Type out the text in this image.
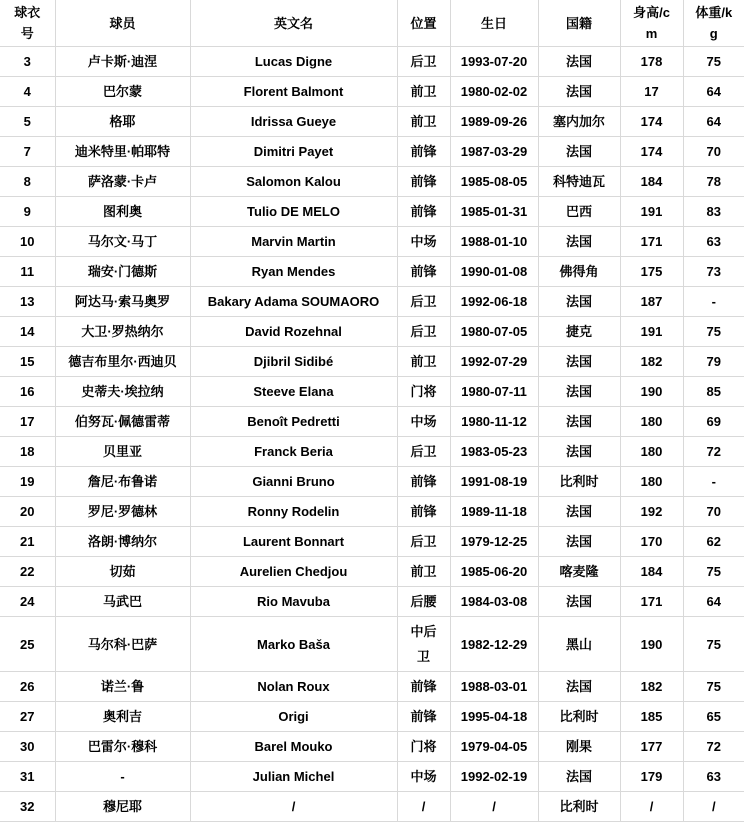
球衣号	球员	英文名	位置	生日	国籍	身高/cm	体重/kg
3	卢卡斯·迪涅	Lucas Digne	后卫	1993-07-20	法国	178	75
4	巴尔蒙	Florent Balmont	前卫	1980-02-02	法国	17	64
5	格耶	Idrissa Gueye	前卫	1989-09-26	塞内加尔	174	64
7	迪米特里·帕耶特	Dimitri Payet	前锋	1987-03-29	法国	174	70
8	萨洛蒙·卡卢	Salomon Kalou	前锋	1985-08-05	科特迪瓦	184	78
9	图利奥	Tulio DE MELO	前锋	1985-01-31	巴西	191	83
10	马尔文·马丁	Marvin Martin	中场	1988-01-10	法国	171	63
11	瑞安·门德斯	Ryan Mendes	前锋	1990-01-08	佛得角	175	73
13	阿达马·索马奥罗	Bakary Adama SOUMAORO	后卫	1992-06-18	法国	187	-
14	大卫·罗热纳尔	David Rozehnal	后卫	1980-07-05	捷克	191	75
15	德吉布里尔·西迪贝	Djibril Sidibé	前卫	1992-07-29	法国	182	79
16	史蒂夫·埃拉纳	Steeve Elana	门将	1980-07-11	法国	190	85
17	伯努瓦·佩德雷蒂	Benoît Pedretti	中场	1980-11-12	法国	180	69
18	贝里亚	Franck Beria	后卫	1983-05-23	法国	180	72
19	詹尼·布鲁诺	Gianni Bruno	前锋	1991-08-19	比利时	180	-
20	罗尼·罗德林	Ronny Rodelin	前锋	1989-11-18	法国	192	70
21	洛朗·博纳尔	Laurent Bonnart	后卫	1979-12-25	法国	170	62
22	切茹	Aurelien Chedjou	前卫	1985-06-20	喀麦隆	184	75
24	马武巴	Rio Mavuba	后腰	1984-03-08	法国	171	64
25	马尔科·巴萨	Marko Baša	中后卫	1982-12-29	黑山	190	75
26	诺兰·鲁	Nolan Roux	前锋	1988-03-01	法国	182	75
27	奥利吉	Origi	前锋	1995-04-18	比利时	185	65
30	巴雷尔·穆科	Barel Mouko	门将	1979-04-05	刚果	177	72
31	-	Julian Michel	中场	1992-02-19	法国	179	63
32	穆尼耶	/	/	/	比利时	/	/
